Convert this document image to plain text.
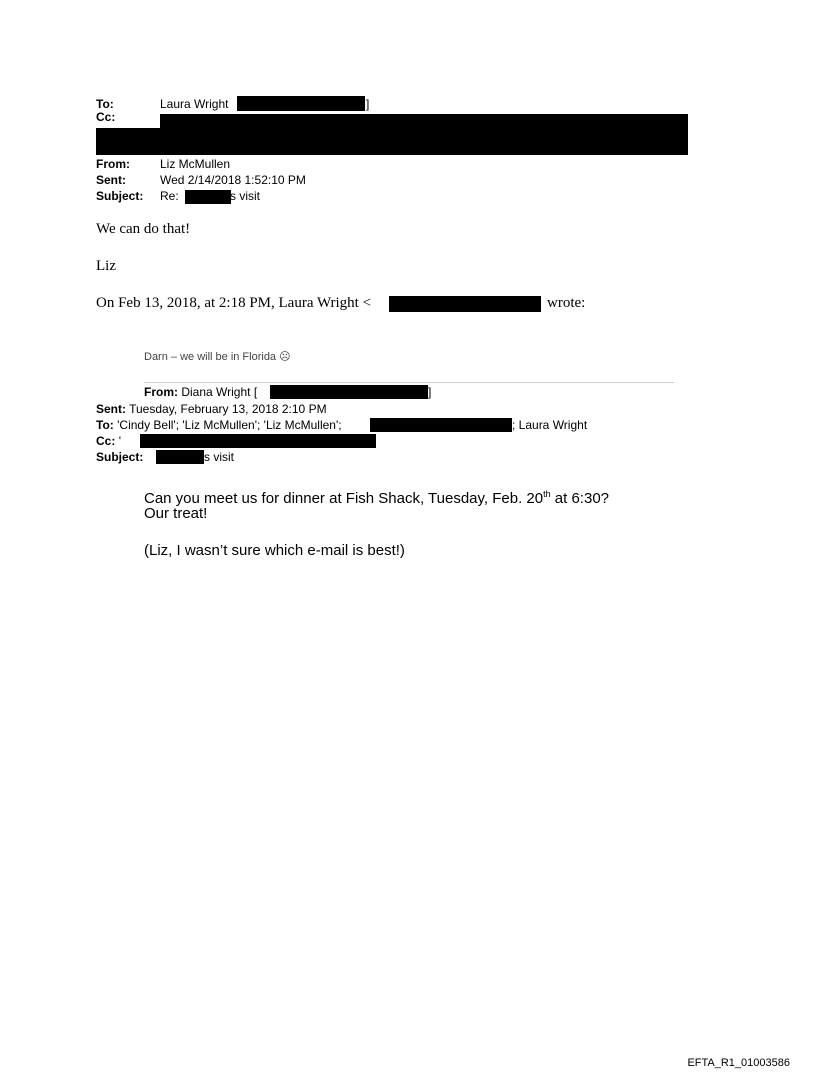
To:	Laura Wright	]
Cc:
From:	Liz McMullen
Sent:	Wed 2/14/2018 1:52:10 PM
Subject: Re:	s visit
We can do that!
Liz
On Feb 13, 2018, at 2:18 PM, Laura Wright <	wrote:
Darn – we will be in Florida ☹
From: Diana Wright [	]
Sent: Tuesday, February 13, 2018 2:10 PM
To: 'Cindy Bell'; 'Liz McMullen'; 'Liz McMullen';	; Laura Wright
Cc: '
Subject:	s visit
Can you meet us for dinner at Fish Shack, Tuesday, Feb. 20th at 6:30?
Our treat!
(Liz, I wasn’t sure which e-mail is best!)
EFTA_R1_01003586
